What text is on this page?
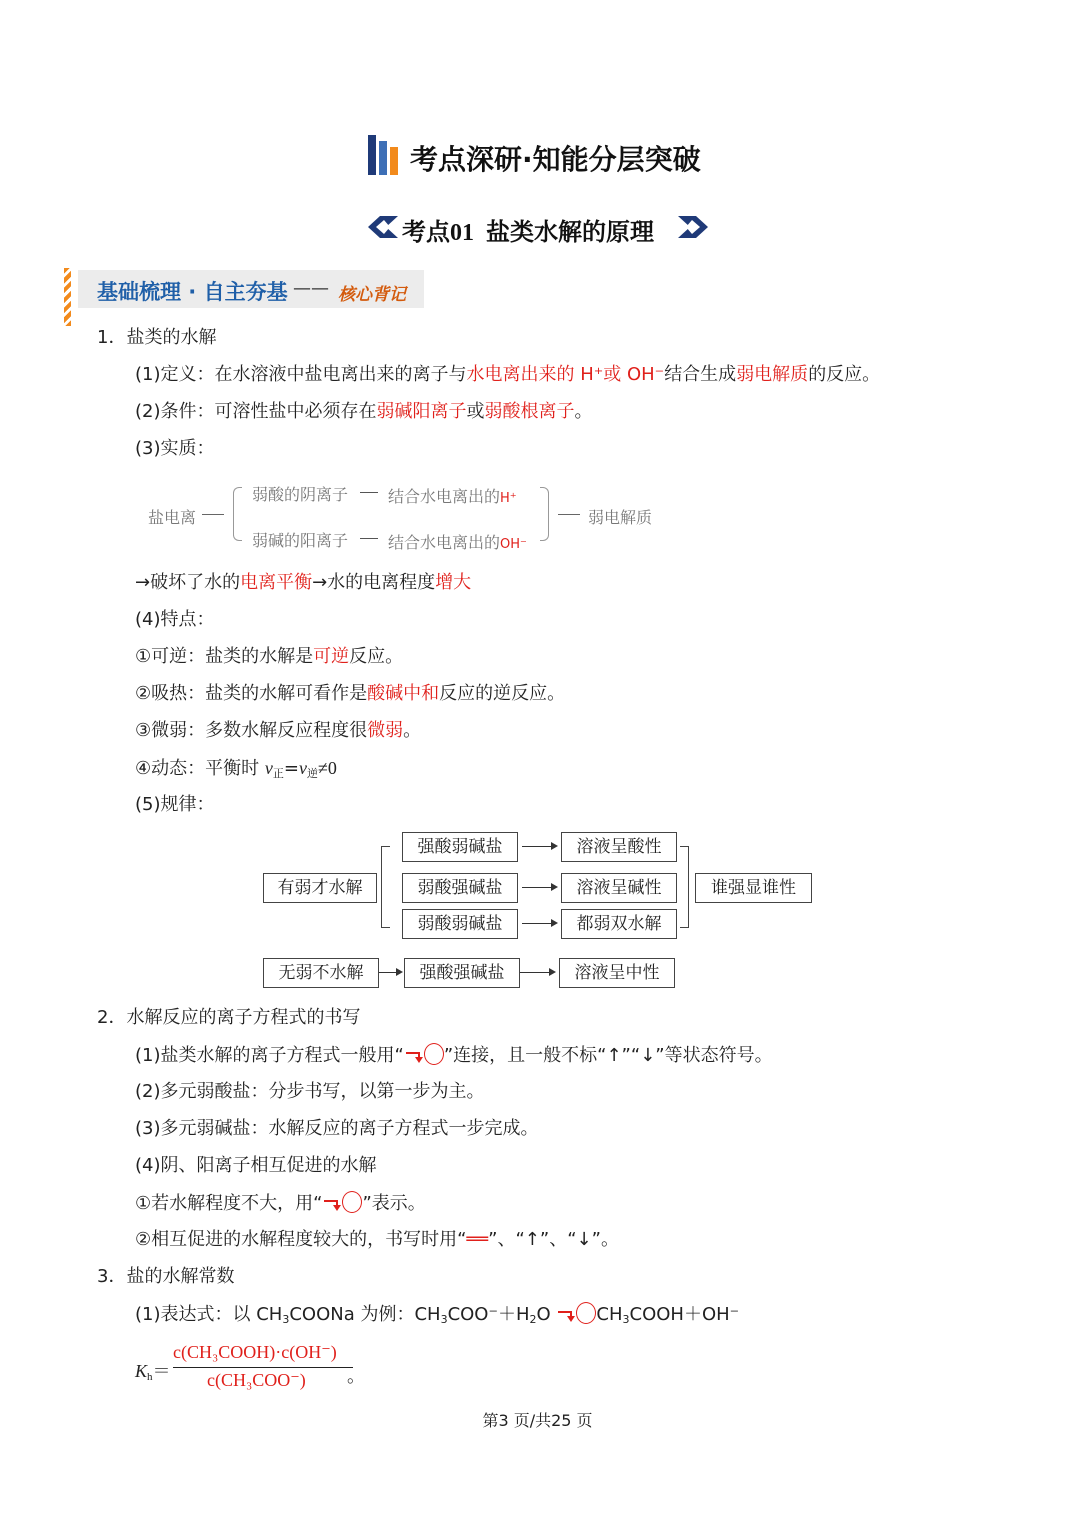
考点深研·知能分层突破
考点01  盐类水解的原理
基础梳理 · 自主夯基 —— 核心背记
1．盐类的水解
(1)定义：在水溶液中盐电离出来的离子与水电离出来的 H⁺或 OH⁻结合生成弱电解质的反应。
(2)条件：可溶性盐中必须存在弱碱阳离子或弱酸根离子。
(3)实质：
盐电离
弱酸的阴离子 结合水电离出的H⁺
弱碱的阳离子 结合水电离出的OH⁻
弱电解质
→破坏了水的电离平衡→水的电离程度增大
(4)特点：
①可逆：盐类的水解是可逆反应。
②吸热：盐类的水解可看作是酸碱中和反应的逆反应。
③微弱：多数水解反应程度很微弱。
④动态：平衡时 $v_正=v_逆\ne 0$
(5)规律：
有弱才水解
强酸弱碱盐
弱酸强碱盐
弱酸弱碱盐
溶液呈酸性
溶液呈碱性
都弱双水解
谁强显谁性
无弱不水解	强酸强碱盐	溶液呈中性
2．水解反应的离子方程式的书写
(1)盐类水解的离子方程式一般用“ ”连接，且一般不标“↑”“↓”等状态符号。
(2)多元弱酸盐：分步书写，以第一步为主。
(3)多元弱碱盐：水解反应的离子方程式一步完成。
(4)阴、阳离子相互促进的水解
①若水解程度不大，用“ ”表示。
②相互促进的水解程度较大的，书写时用“══”、“↑”、“↓”。
3．盐的水解常数
(1)表达式：以 $CH_3COONa$ 为例：$CH_3COO^-+H_2O$ $CH_3COOH+OH^-$
$K_h=$
c(CH₃COOH)·c(OH⁻)
c(CH₃COO⁻) 。
第3 页/共25 页
